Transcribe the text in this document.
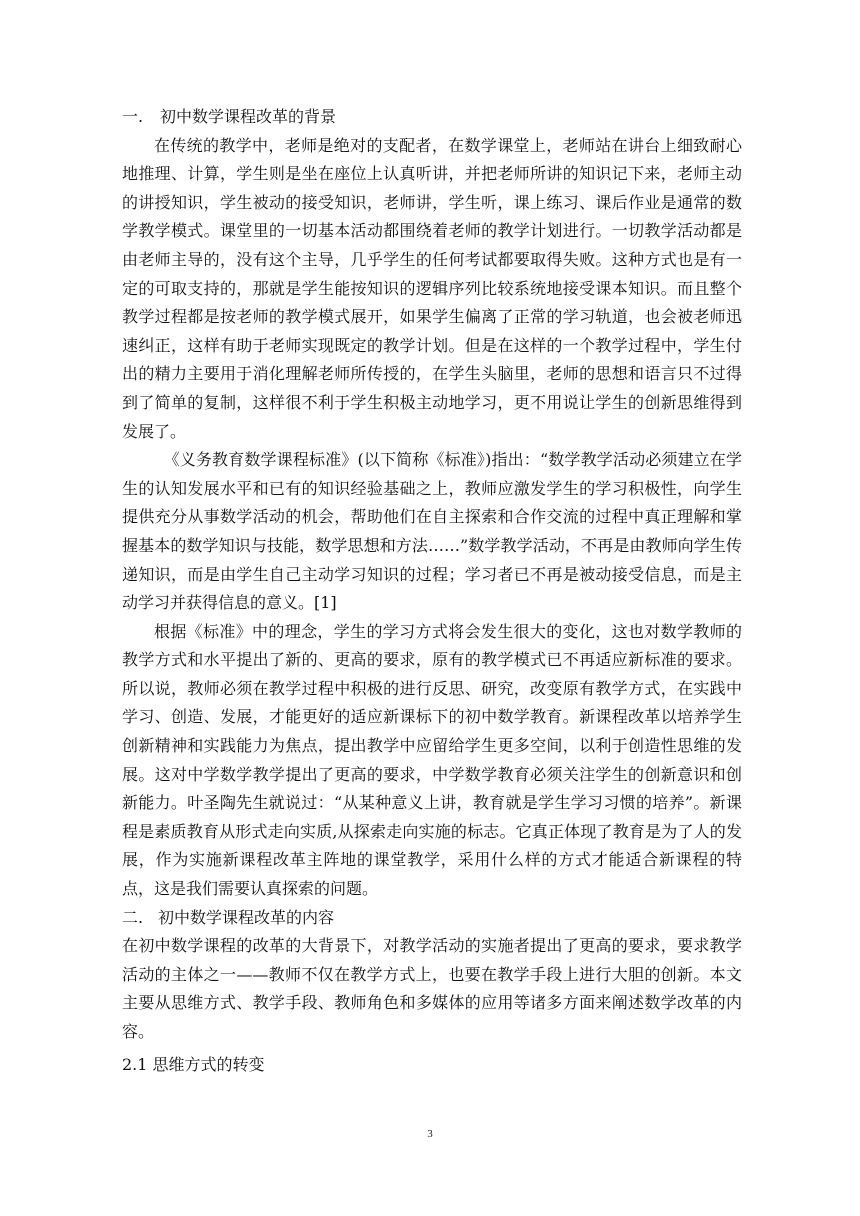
一. 初中数学课程改革的背景

在传统的教学中，老师是绝对的支配者，在数学课堂上，老师站在讲台上细致耐心地推理、计算，学生则是坐在座位上认真听讲，并把老师所讲的知识记下来，老师主动的讲授知识，学生被动的接受知识，老师讲，学生听，课上练习、课后作业是通常的数学教学模式。课堂里的一切基本活动都围绕着老师的教学计划进行。一切教学活动都是由老师主导的，没有这个主导，几乎学生的任何考试都要取得失败。这种方式也是有一定的可取支持的，那就是学生能按知识的逻辑序列比较系统地接受课本知识。而且整个教学过程都是按老师的教学模式展开，如果学生偏离了正常的学习轨道，也会被老师迅速纠正，这样有助于老师实现既定的教学计划。但是在这样的一个教学过程中，学生付出的精力主要用于消化理解老师所传授的，在学生头脑里，老师的思想和语言只不过得到了简单的复制，这样很不利于学生积极主动地学习，更不用说让学生的创新思维得到发展了。

《义务教育数学课程标准》(以下简称《标准》)指出：“数学教学活动必须建立在学生的认知发展水平和已有的知识经验基础之上，教师应激发学生的学习积极性，向学生提供充分从事数学活动的机会，帮助他们在自主探索和合作交流的过程中真正理解和掌握基本的数学知识与技能，数学思想和方法……”数学教学活动，不再是由教师向学生传递知识，而是由学生自己主动学习知识的过程；学习者已不再是被动接受信息，而是主动学习并获得信息的意义。[1]

根据《标准》中的理念，学生的学习方式将会发生很大的变化，这也对数学教师的教学方式和水平提出了新的、更高的要求，原有的教学模式已不再适应新标准的要求。所以说，教师必须在教学过程中积极的进行反思、研究，改变原有教学方式，在实践中学习、创造、发展，才能更好的适应新课标下的初中数学教育。新课程改革以培养学生创新精神和实践能力为焦点，提出教学中应留给学生更多空间，以利于创造性思维的发展。这对中学数学教学提出了更高的要求，中学数学教育必须关注学生的创新意识和创新能力。叶圣陶先生就说过：“从某种意义上讲，教育就是学生学习习惯的培养”。新课程是素质教育从形式走向实质,从探索走向实施的标志。它真正体现了教育是为了人的发展，作为实施新课程改革主阵地的课堂教学，采用什么样的方式才能适合新课程的特点，这是我们需要认真探索的问题。

二. 初中数学课程改革的内容

在初中数学课程的改革的大背景下，对教学活动的实施者提出了更高的要求，要求教学活动的主体之一——教师不仅在教学方式上，也要在教学手段上进行大胆的创新。本文主要从思维方式、教学手段、教师角色和多媒体的应用等诸多方面来阐述数学改革的内容。

2.1 思维方式的转变
3
